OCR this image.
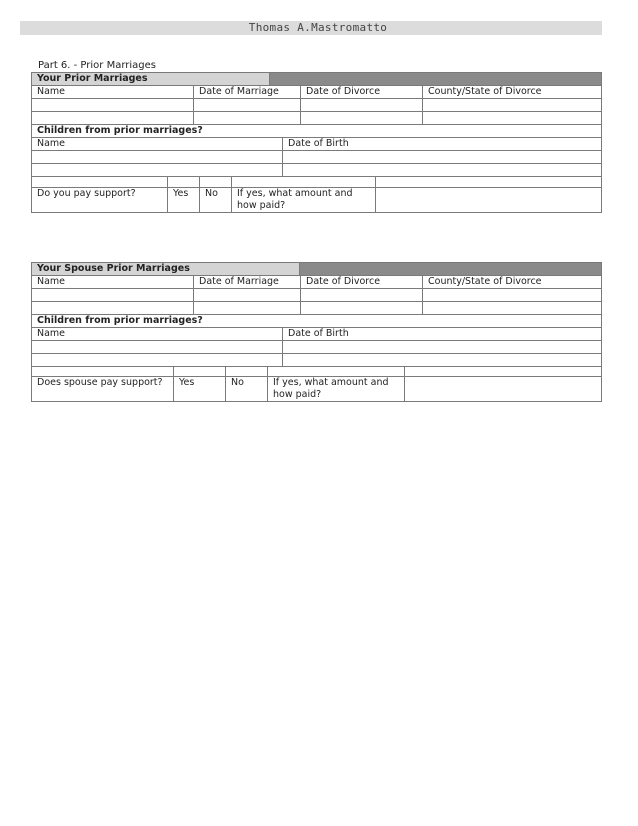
Thomas A.Mastromatto
Part 6. - Prior Marriages
Your Prior Marriages	
Name	Date of Marriage	Date of Divorce	County/State of Divorce

Children from prior marriages?	
Name	Date of Birth

Do you pay support?	Yes	No	If yes, what amount and how paid?	
Your Spouse Prior Marriages	
Name	Date of Marriage	Date of Divorce	County/State of Divorce

Children from prior marriages?	
Name	Date of Birth

Does spouse pay support?	Yes	No	If yes, what amount and how paid?	
